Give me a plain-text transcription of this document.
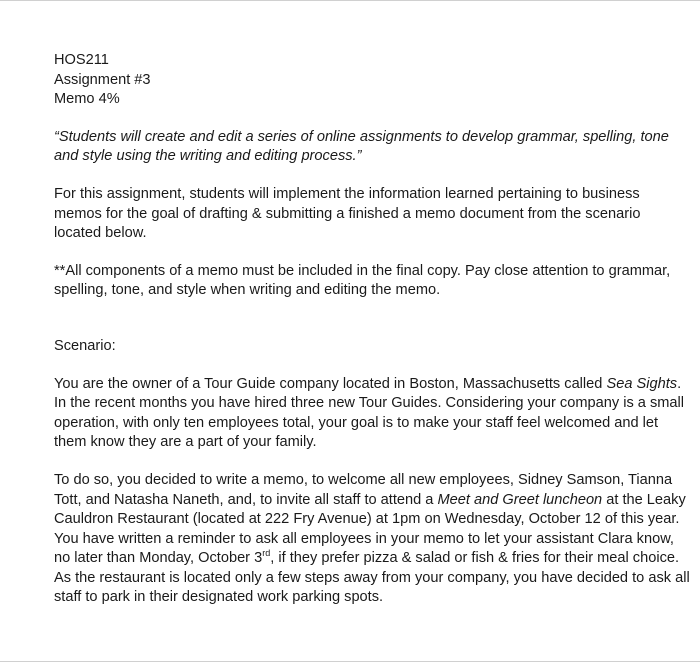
HOS211
Assignment #3
Memo 4%

“Students will create and edit a series of online assignments to develop grammar, spelling, tone and style using the writing and editing process.”

For this assignment, students will implement the information learned pertaining to business memos for the goal of drafting & submitting a finished a memo document from the scenario located below.

**All components of a memo must be included in the final copy. Pay close attention to grammar, spelling, tone, and style when writing and editing the memo.

Scenario:

You are the owner of a Tour Guide company located in Boston, Massachusetts called Sea Sights. In the recent months you have hired three new Tour Guides. Considering your company is a small operation, with only ten employees total, your goal is to make your staff feel welcomed and let them know they are a part of your family.

To do so, you decided to write a memo, to welcome all new employees, Sidney Samson, Tianna Tott, and Natasha Naneth, and, to invite all staff to attend a Meet and Greet luncheon at the Leaky Cauldron Restaurant (located at 222 Fry Avenue) at 1pm on Wednesday, October 12 of this year. You have written a reminder to ask all employees in your memo to let your assistant Clara know, no later than Monday, October 3rd, if they prefer pizza & salad or fish & fries for their meal choice. As the restaurant is located only a few steps away from your company, you have decided to ask all staff to park in their designated work parking spots.
